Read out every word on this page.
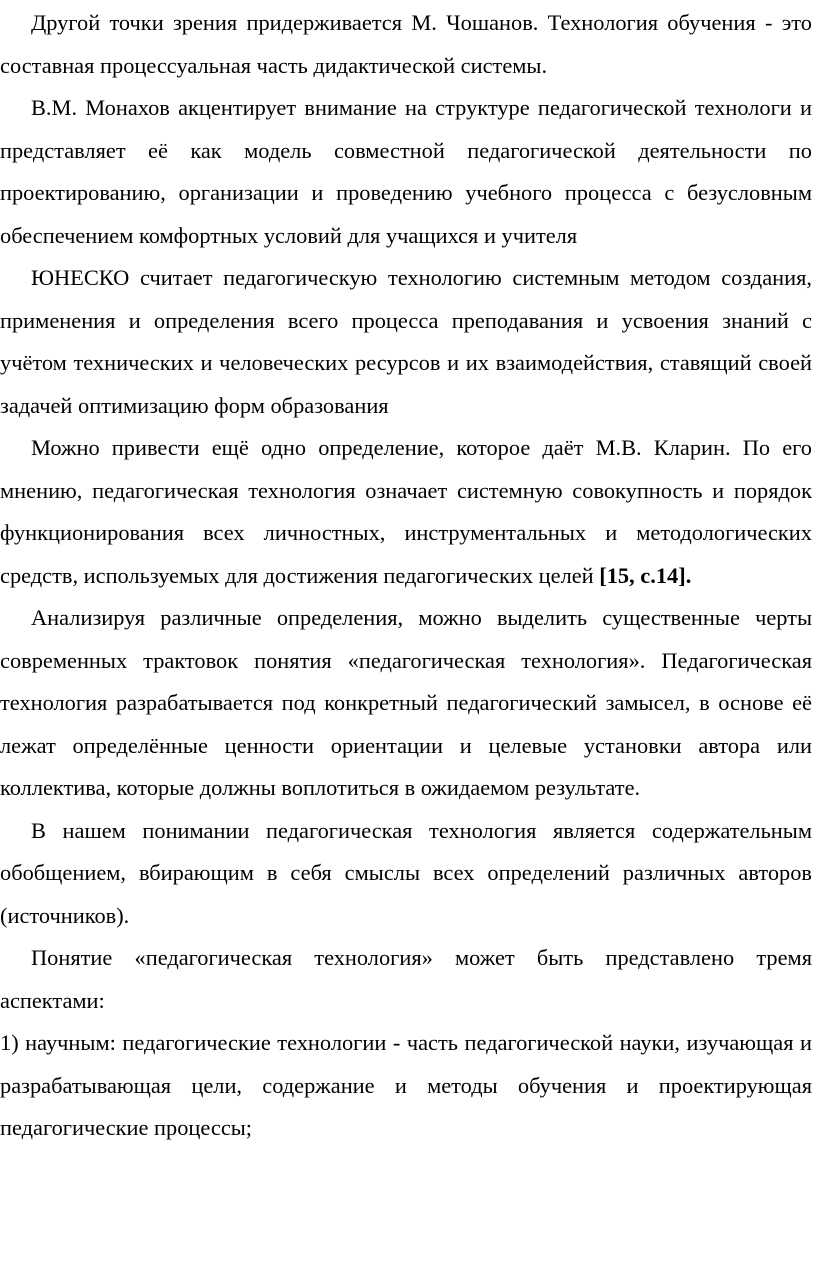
Другой точки зрения придерживается М. Чошанов. Технология обучения - это составная процессуальная часть дидактической системы.

В.М. Монахов акцентирует внимание на структуре педагогической технологи и представляет её как модель совместной педагогической деятельности по проектированию, организации и проведению учебного процесса с безусловным обеспечением комфортных условий для учащихся и учителя

ЮНЕСКО считает педагогическую технологию системным методом создания, применения и определения всего процесса преподавания и усвоения знаний с учётом технических и человеческих ресурсов и их взаимодействия, ставящий своей задачей оптимизацию форм образования

Можно привести ещё одно определение, которое даёт М.В. Кларин. По его мнению, педагогическая технология означает системную совокупность и порядок функционирования всех личностных, инструментальных и методологических средств, используемых для достижения педагогических целей [15, с.14].

Анализируя различные определения, можно выделить существенные черты современных трактовок понятия «педагогическая технология». Педагогическая технология разрабатывается под конкретный педагогический замысел, в основе её лежат определённые ценности ориентации и целевые установки автора или коллектива, которые должны воплотиться в ожидаемом результате.

В нашем понимании педагогическая технология является содержательным обобщением, вбирающим в себя смыслы всех определений различных авторов (источников).

Понятие «педагогическая технология» может быть представлено тремя аспектами:

1) научным: педагогические технологии - часть педагогической науки, изучающая и разрабатывающая цели, содержание и методы обучения и проектирующая педагогические процессы;
